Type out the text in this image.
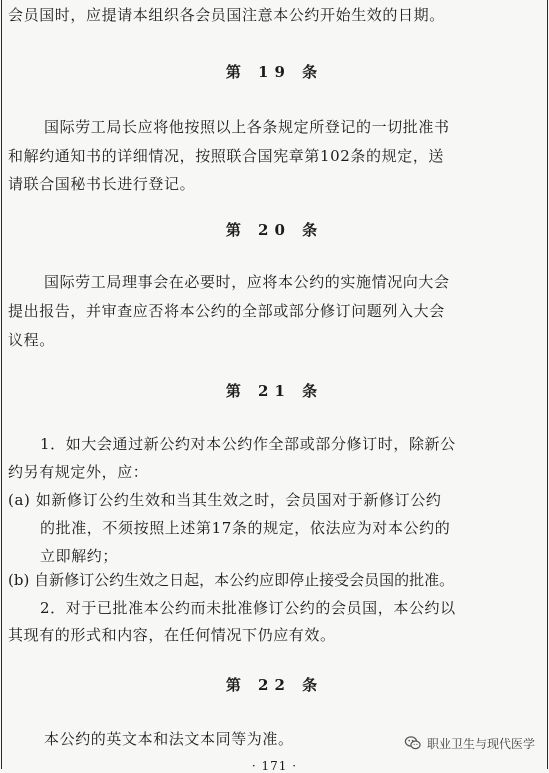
会员国时，应提请本组织各会员国注意本公约开始生效的日期。
第 19 条
国际劳工局长应将他按照以上各条规定所登记的一切批准书
和解约通知书的详细情况，按照联合国宪章第102条的规定，送
请联合国秘书长进行登记。
第 20 条
国际劳工局理事会在必要时，应将本公约的实施情况向大会
提出报告，并审查应否将本公约的全部或部分修订问题列入大会
议程。
第 21 条
1．如大会通过新公约对本公约作全部或部分修订时，除新公
约另有规定外，应：
(a) 如新修订公约生效和当其生效之时，会员国对于新修订公约
的批准，不须按照上述第17条的规定，依法应为对本公约的
立即解约；
(b) 自新修订公约生效之日起，本公约应即停止接受会员国的批准。
2．对于已批准本公约而未批准修订公约的会员国，本公约以
其现有的形式和内容，在任何情况下仍应有效。
第 22 条
本公约的英文本和法文本同等为准。
· 171 ·
职业卫生与现代医学
